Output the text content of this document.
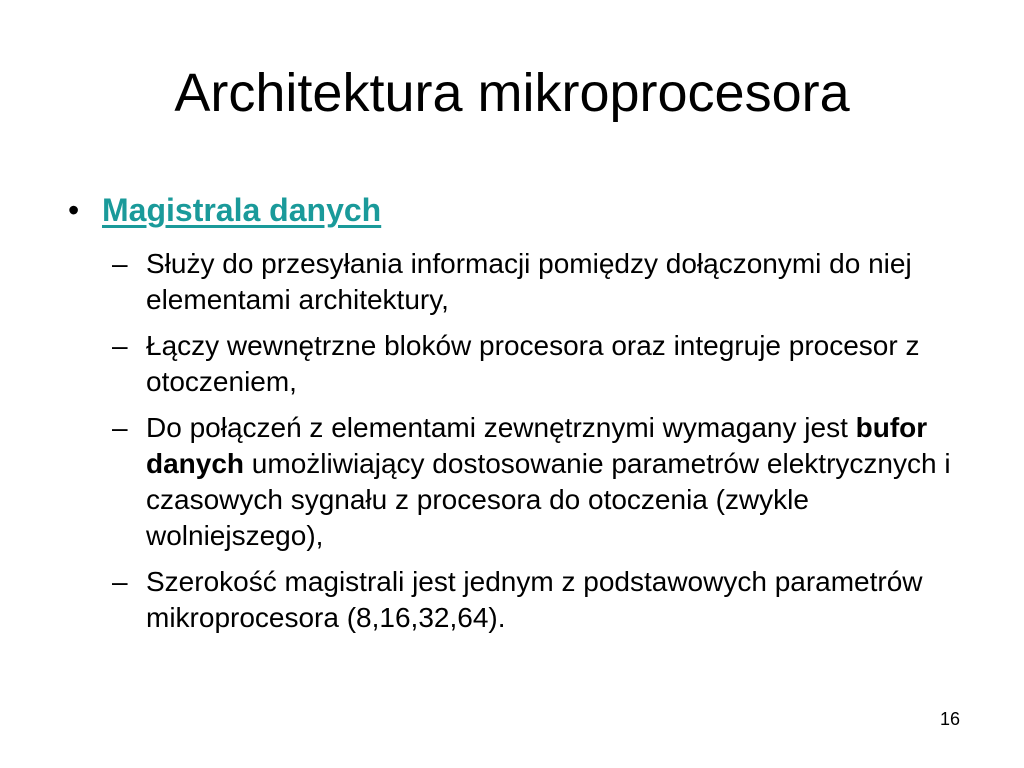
Architektura mikroprocesora
• Magistrala danych
– Służy do przesyłania informacji pomiędzy dołączonymi do niej elementami architektury,
– Łączy wewnętrzne bloków procesora oraz integruje procesor z otoczeniem,
– Do połączeń z elementami zewnętrznymi wymagany jest bufor danych umożliwiający dostosowanie parametrów elektrycznych i czasowych sygnału z procesora do otoczenia (zwykle wolniejszego),
– Szerokość magistrali jest jednym z podstawowych parametrów mikroprocesora (8,16,32,64).
16
